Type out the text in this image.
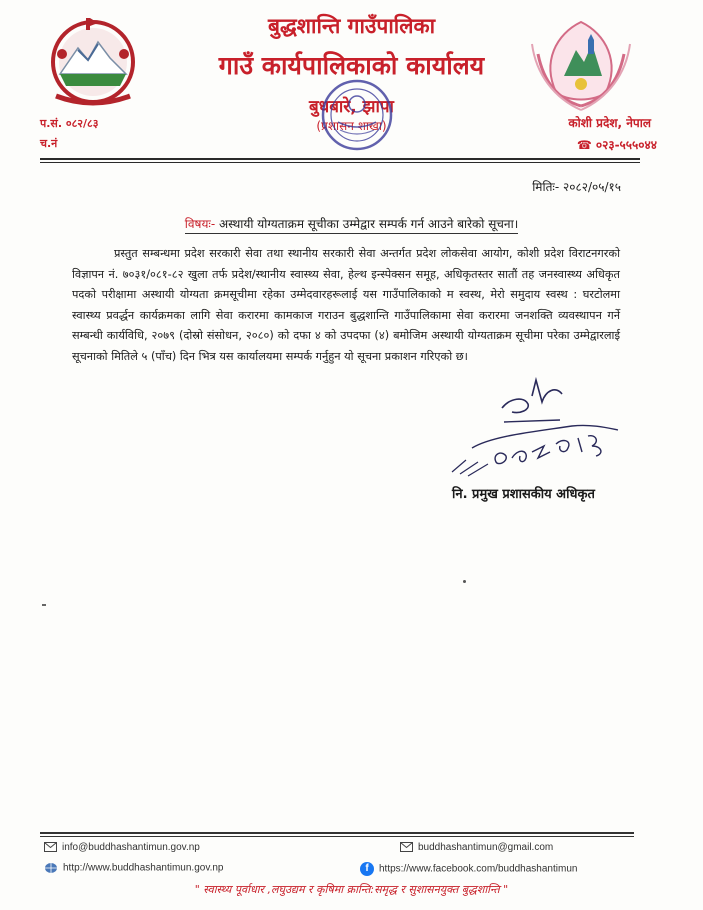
बुद्धशान्ति गाउँपालिका
गाउँ कार्यपालिकाको कार्यालय
बुधबारे, झापा
(प्रशासन शाखा)
प.सं. ०८२/८३
च.नं
कोशी प्रदेश, नेपाल
☎ ०२३-५५५०४४
मितिः- २०८२/०५/१५
विषयः- अस्थायी योग्यताक्रम सूचीका उम्मेद्वार सम्पर्क गर्न आउने बारेको सूचना।
प्रस्तुत सम्बन्धमा प्रदेश सरकारी सेवा तथा स्थानीय सरकारी सेवा अन्तर्गत प्रदेश लोकसेवा आयोग, कोशी प्रदेश विराटनगरको विज्ञापन नं. ७०३१/०८१-८२ खुला तर्फ प्रदेश/स्थानीय स्वास्थ्य सेवा, हेल्थ इन्स्पेक्सन समूह, अधिकृतस्तर सातौं तह जनस्वास्थ्य अधिकृत पदको परीक्षामा अस्थायी योग्यता क्रमसूचीमा रहेका उम्मेदवारहरूलाई यस गाउँपालिकाको म स्वस्थ, मेरो समुदाय स्वस्थ : घरटोलमा स्वास्थ्य प्रवर्द्धन कार्यक्रमका लागि सेवा करारमा कामकाज गराउन बुद्धशान्ति गाउँपालिकामा सेवा करारमा जनशक्ति व्यवस्थापन गर्ने सम्बन्धी कार्यविधि, २०७९ (दोस्रो संसोधन, २०८०) को दफा ४ को उपदफा (४) बमोजिम अस्थायी योग्यताक्रम सूचीमा परेका उम्मेद्वारलाई सूचनाको मितिले ५ (पाँच) दिन भित्र यस कार्यालयमा सम्पर्क गर्नुहुन यो सूचना प्रकाशन गरिएको छ।
नि. प्रमुख प्रशासकीय अधिकृत
info@buddhashantimun.gov.np
http://www.buddhashantimun.gov.np
buddhashantimun@gmail.com
f https://www.facebook.com/buddhashantimun
" स्वास्थ्य पूर्वाधार ,लघुउद्यम र कृषिमा क्रान्ति:समृद्ध र सुशासनयुक्त बुद्धशान्ति "
